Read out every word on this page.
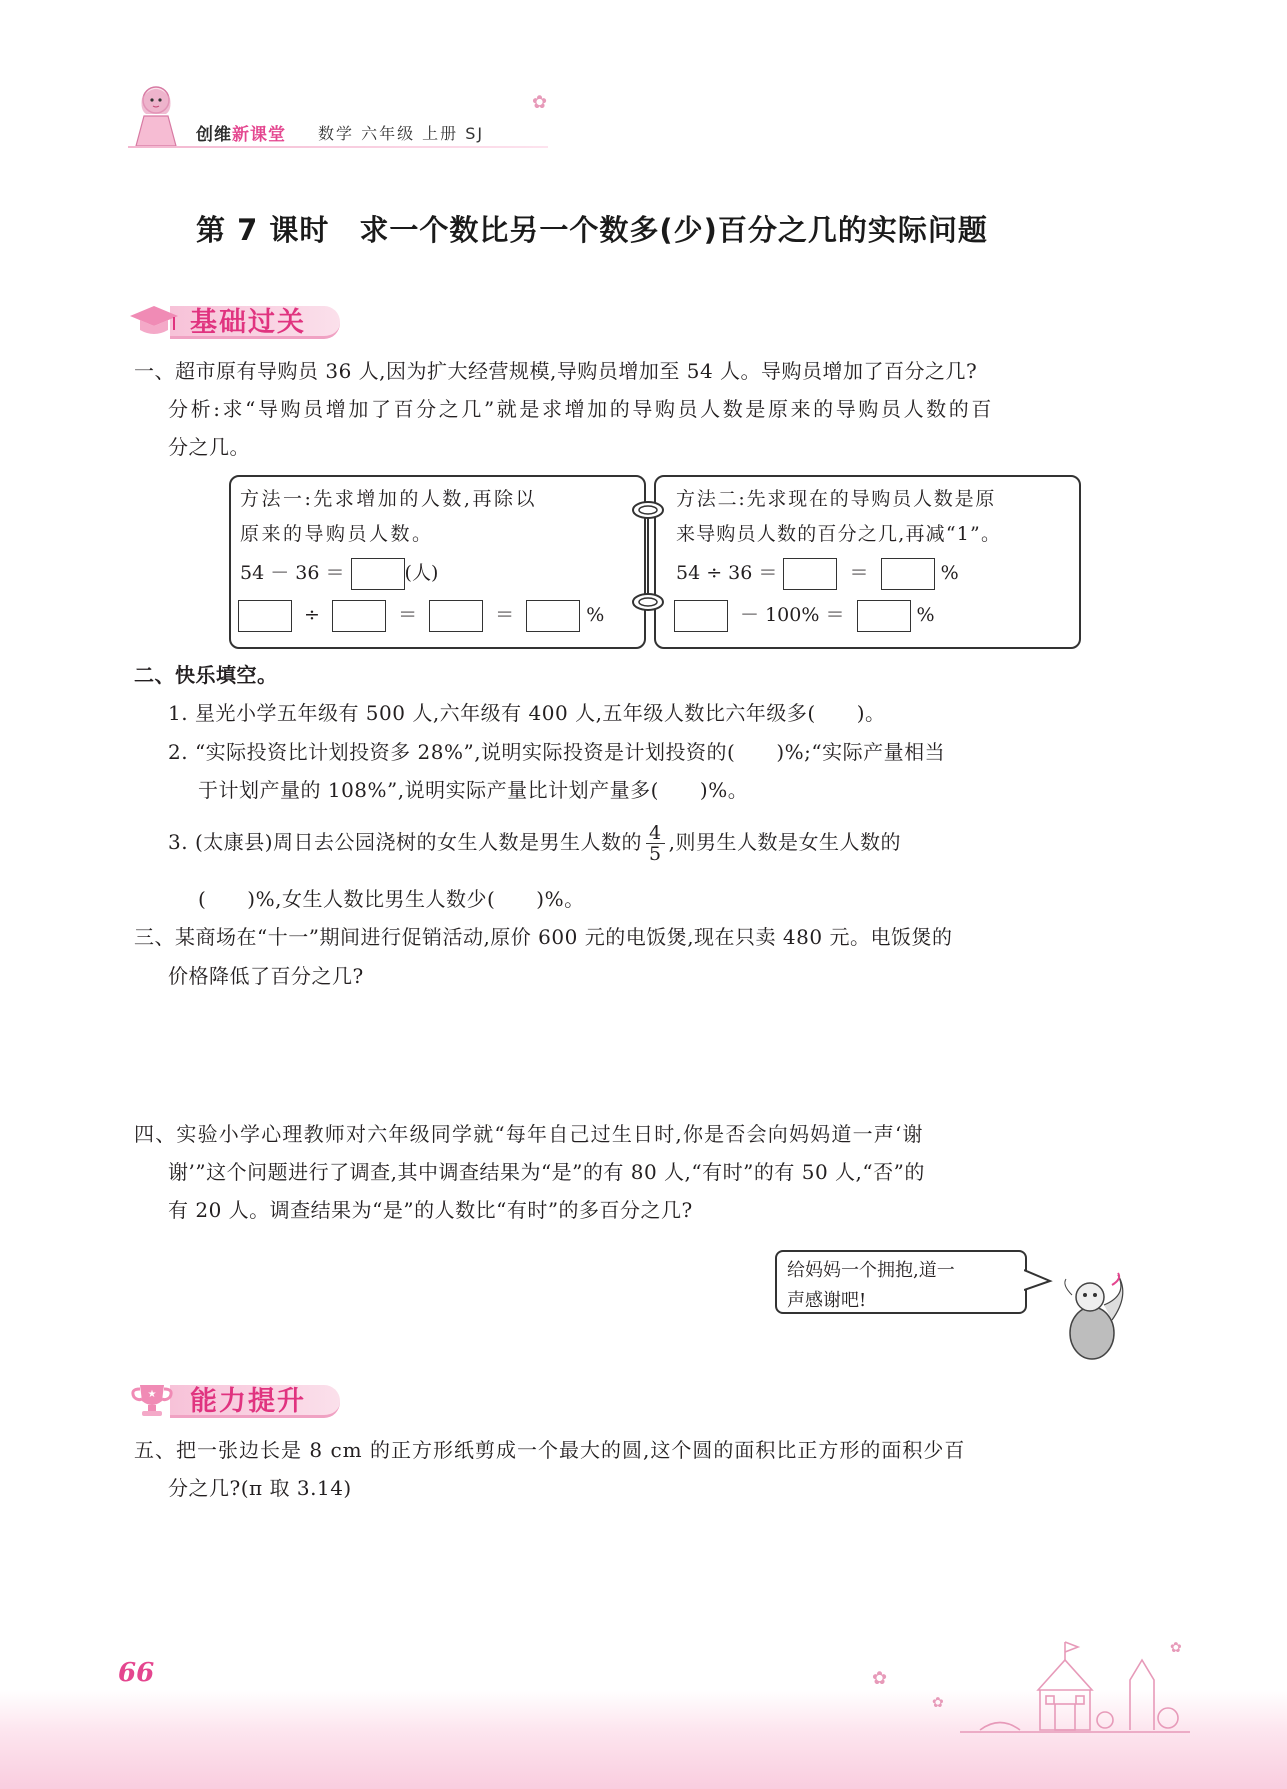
创维新课堂 数学 六年级 上册 SJ
✿
第 7 课时　求一个数比另一个数多(少)百分之几的实际问题
基础过关
一、超市原有导购员 36 人,因为扩大经营规模,导购员增加至 54 人。导购员增加了百分之几?
分析:求“导购员增加了百分之几”就是求增加的导购员人数是原来的导购员人数的百
分之几。
方法一:先求增加的人数,再除以
原来的导购员人数。
54 － 36 ＝	(人)
÷	＝	＝	%
方法二:先求现在的导购员人数是原
来导购员人数的百分之几,再减“1”。
54 ÷ 36 ＝	＝	%
－ 100% ＝	%
二、快乐填空。
1. 星光小学五年级有 500 人,六年级有 400 人,五年级人数比六年级多(　　)。
2. “实际投资比计划投资多 28%”,说明实际投资是计划投资的(　　)%;“实际产量相当
于计划产量的 108%”,说明实际产量比计划产量多(　　)%。
3. (太康县)周日去公园浇树的女生人数是男生人数的 $\frac{4}{5}$ ,则男生人数是女生人数的
(　　)%,女生人数比男生人数少(　　)%。
三、某商场在“十一”期间进行促销活动,原价 600 元的电饭煲,现在只卖 480 元。电饭煲的
价格降低了百分之几?
四、实验小学心理教师对六年级同学就“每年自己过生日时,你是否会向妈妈道一声‘谢
谢’”这个问题进行了调查,其中调查结果为“是”的有 80 人,“有时”的有 50 人,“否”的
有 20 人。调查结果为“是”的人数比“有时”的多百分之几?
给妈妈一个拥抱,道一
声感谢吧!
★ 能力提升
五、把一张边长是 8 cm 的正方形纸剪成一个最大的圆,这个圆的面积比正方形的面积少百
分之几?(π 取 3.14)
✿
✿
✿
66
